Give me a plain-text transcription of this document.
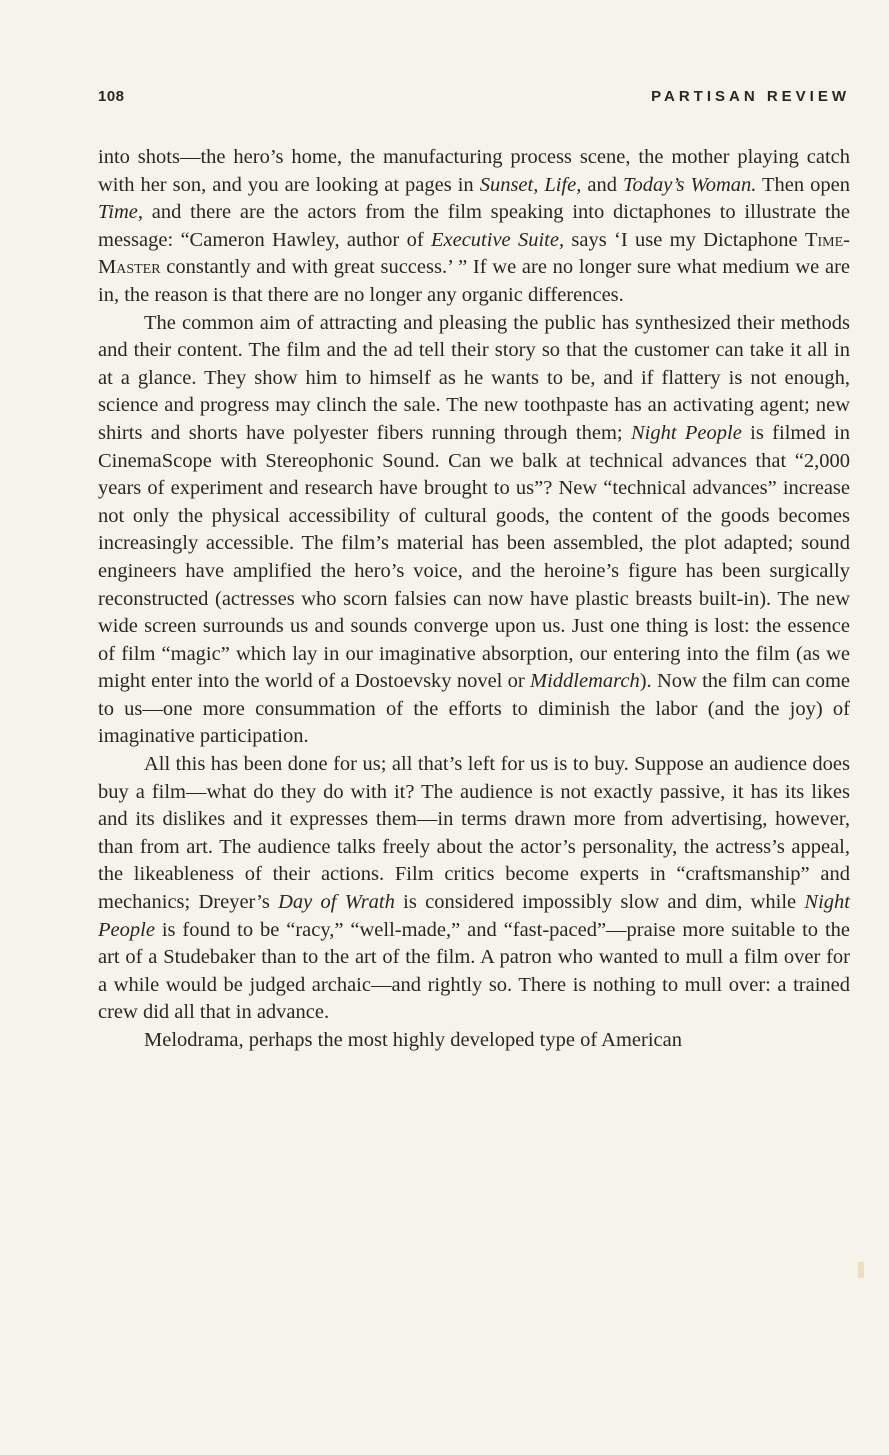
108	PARTISAN REVIEW

into shots—the hero’s home, the manufacturing process scene, the mother playing catch with her son, and you are looking at pages in Sunset, Life, and Today’s Woman. Then open Time, and there are the actors from the film speaking into dictaphones to illustrate the message: “Cameron Hawley, author of Executive Suite, says ‘I use my Dictaphone Time-Master constantly and with great success.’ ” If we are no longer sure what medium we are in, the reason is that there are no longer any organic differences.

The common aim of attracting and pleasing the public has synthesized their methods and their content. The film and the ad tell their story so that the customer can take it all in at a glance. They show him to himself as he wants to be, and if flattery is not enough, science and progress may clinch the sale. The new toothpaste has an activating agent; new shirts and shorts have polyester fibers running through them; Night People is filmed in CinemaScope with Stereophonic Sound. Can we balk at technical advances that “2,000 years of experiment and research have brought to us”? New “technical advances” increase not only the physical accessibility of cultural goods, the content of the goods becomes increasingly accessible. The film’s material has been assembled, the plot adapted; sound engineers have amplified the hero’s voice, and the heroine’s figure has been surgically reconstructed (actresses who scorn falsies can now have plastic breasts built-in). The new wide screen surrounds us and sounds converge upon us. Just one thing is lost: the essence of film “magic” which lay in our imaginative absorption, our entering into the film (as we might enter into the world of a Dostoevsky novel or Middlemarch). Now the film can come to us—one more consummation of the efforts to diminish the labor (and the joy) of imaginative participation.

All this has been done for us; all that’s left for us is to buy. Suppose an audience does buy a film—what do they do with it? The audience is not exactly passive, it has its likes and its dislikes and it expresses them—in terms drawn more from advertising, however, than from art. The audience talks freely about the actor’s personality, the actress’s appeal, the likeableness of their actions. Film critics become experts in “craftsmanship” and mechanics; Dreyer’s Day of Wrath is considered impossibly slow and dim, while Night People is found to be “racy,” “well-made,” and “fast-paced”—praise more suitable to the art of a Studebaker than to the art of the film. A patron who wanted to mull a film over for a while would be judged archaic—and rightly so. There is nothing to mull over: a trained crew did all that in advance.

Melodrama, perhaps the most highly developed type of American
